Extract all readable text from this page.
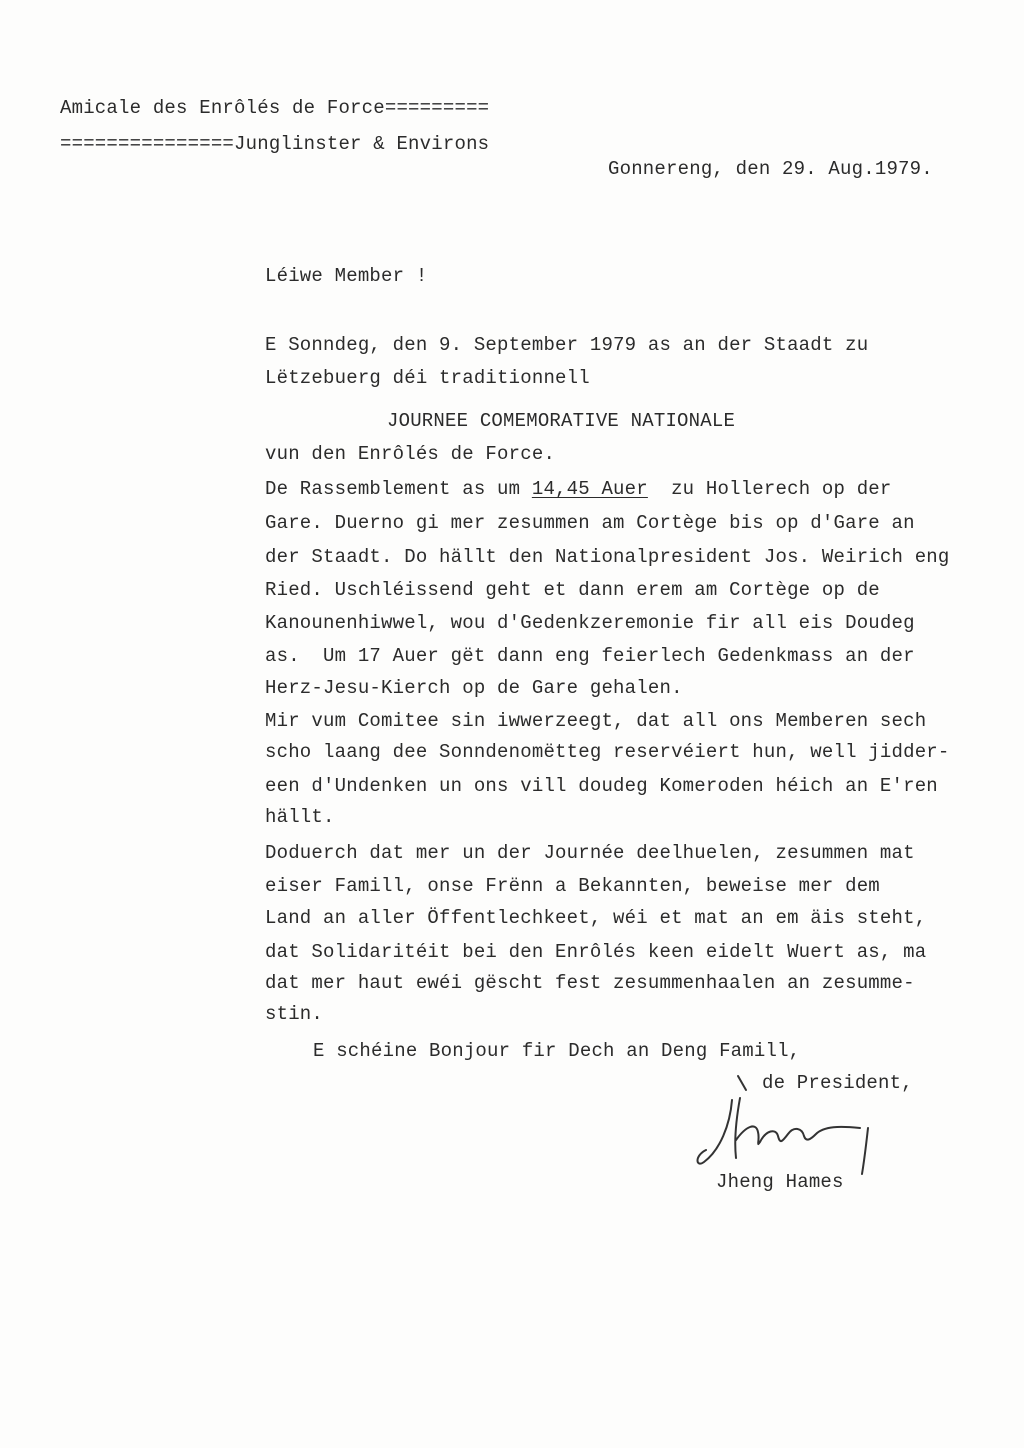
Amicale des Enrôlés de Force=========
===============Junglinster & Environs
Gonnereng, den 29. Aug.1979.
Léiwe Member !
E Sonndeg, den 9. September 1979 as an der Staadt zu
Lëtzebuerg déi traditionnell
JOURNEE COMEMORATIVE NATIONALE
vun den Enrôlés de Force.
De Rassemblement as um 14,45 Auer  zu Hollerech op der
Gare. Duerno gi mer zesummen am Cortège bis op d'Gare an
der Staadt. Do hällt den Nationalpresident Jos. Weirich eng
Ried. Uschléissend geht et dann erem am Cortège op de
Kanounenhiwwel, wou d'Gedenkzeremonie fir all eis Doudeg
as.  Um 17 Auer gët dann eng feierlech Gedenkmass an der
Herz-Jesu-Kierch op de Gare gehalen.
Mir vum Comitee sin iwwerzeegt, dat all ons Memberen sech
scho laang dee Sonndenomëtteg reservéiert hun, well jidder-
een d'Undenken un ons vill doudeg Komeroden héich an E'ren
hällt.
Doduerch dat mer un der Journée deelhuelen, zesummen mat
eiser Famill, onse Frënn a Bekannten, beweise mer dem
Land an aller Öffentlechkeet, wéi et mat an em äis steht,
dat Solidaritéit bei den Enrôlés keen eidelt Wuert as, ma
dat mer haut ewéi gëscht fest zesummenhaalen an zesumme-
stin.
E schéine Bonjour fir Dech an Deng Famill,
de President,
Jheng Hames
